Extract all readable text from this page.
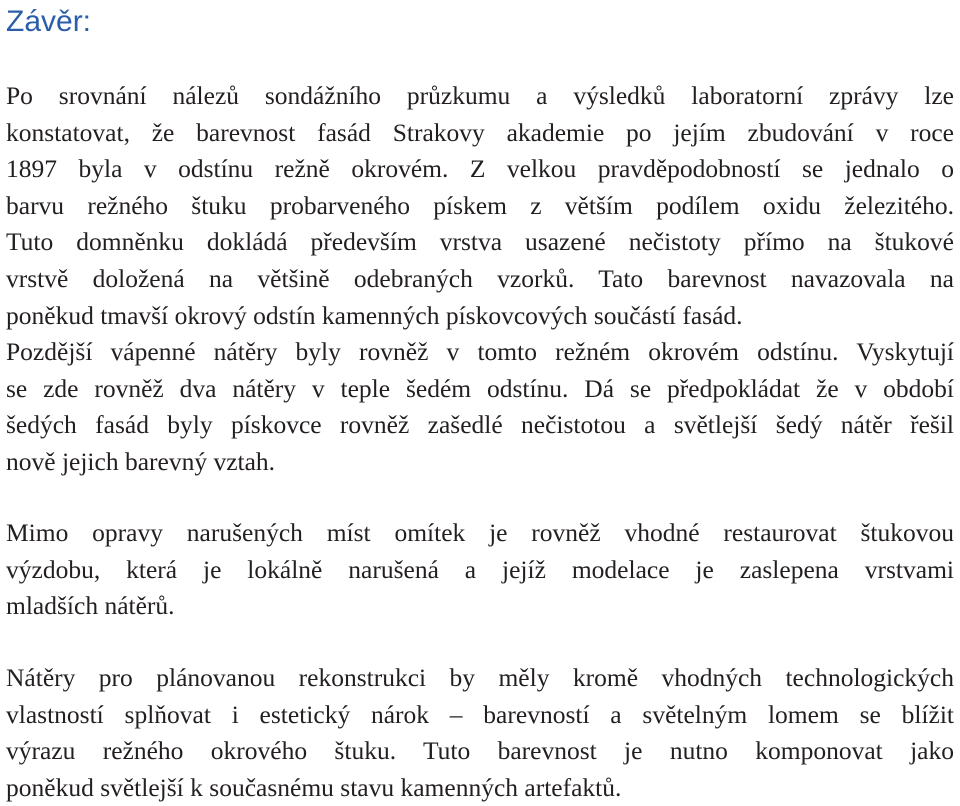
Závěr:
Po srovnání nálezů sondážního průzkumu a výsledků laboratorní zprávy lze
konstatovat, že barevnost fasád Strakovy akademie po jejím zbudování v roce
1897 byla v odstínu režně okrovém. Z velkou pravděpodobností se jednalo o
barvu režného štuku probarveného pískem z větším podílem oxidu železitého.
Tuto domněnku dokládá především vrstva usazené nečistoty přímo na štukové
vrstvě doložená na většině odebraných vzorků. Tato barevnost navazovala na
poněkud tmavší okrový odstín kamenných pískovcových součástí fasád.
Pozdější vápenné nátěry byly rovněž v tomto režném okrovém odstínu. Vyskytují
se zde rovněž dva nátěry v teple šedém odstínu. Dá se předpokládat že v období
šedých fasád byly pískovce rovněž zašedlé nečistotou a světlejší šedý nátěr řešil
nově jejich barevný vztah.
Mimo opravy narušených míst omítek je rovněž vhodné restaurovat štukovou
výzdobu, která je lokálně narušená a jejíž modelace je zaslepena vrstvami
mladších nátěrů.
Nátěry pro plánovanou rekonstrukci by měly kromě vhodných technologických
vlastností splňovat i estetický nárok – barevností a světelným lomem se blížit
výrazu režného okrového štuku. Tuto barevnost je nutno komponovat jako
poněkud světlejší k současnému stavu kamenných artefaktů.
